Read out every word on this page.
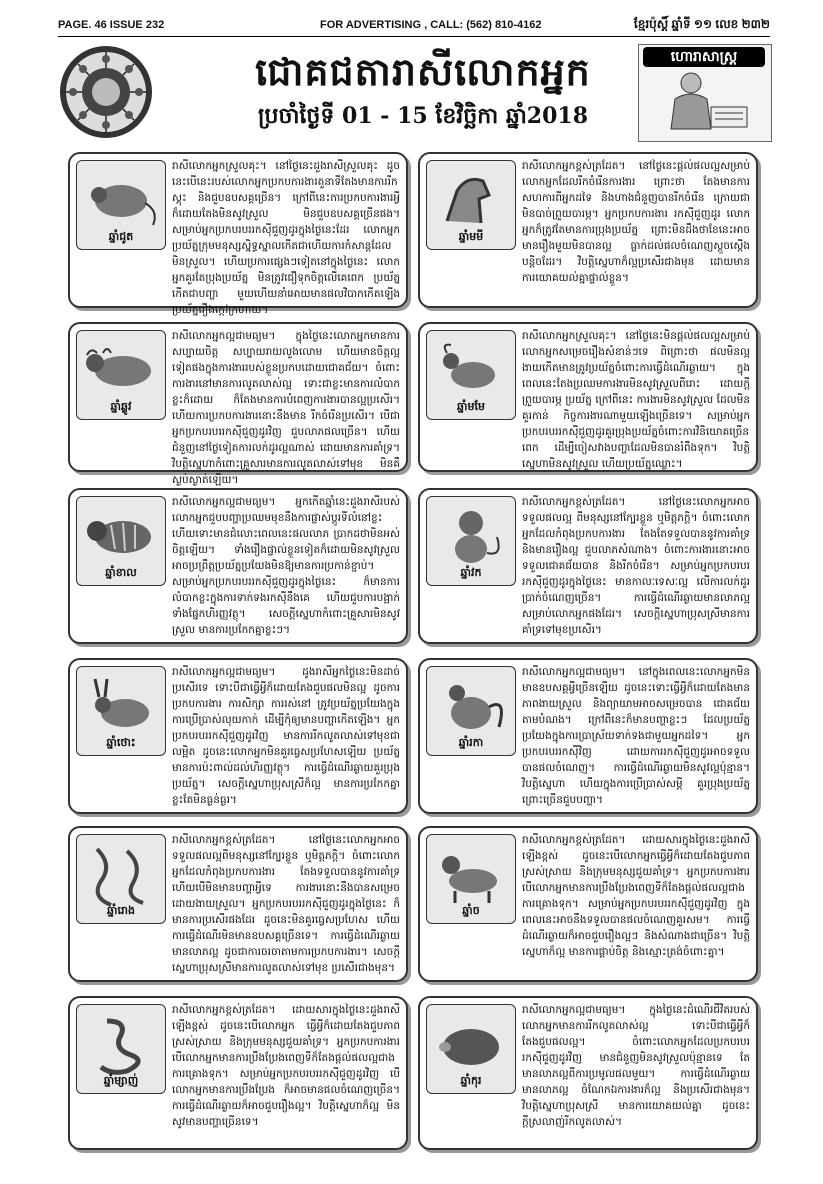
PAGE. 46 ISSUE 232	FOR ADVERTISING , CALL: (562) 810-4162	ខ្មែរប៉ុស្ដិ៍ ឆ្នាំទី ១១ លេខ ២៣២
ជោគជតារាសីលោកអ្នក
ប្រចាំថ្ងៃទី 01 - 15 ខែវិច្ឆិកា ឆ្នាំ2018
ហោរាសាស្ត្រ
ឆ្នាំជូត
រាសីលោកអ្នកស្រួលគុះ។ នៅថ្ងៃនេះដួងរាសីស្រួលគុះ ដូចនេះបើនេះរបស់លោកអ្នកប្រកបការងារតួនាទីតែងមានការរីកស្គុះ និងជួបឧបសគ្គច្រើន។ ក្រៅពីនេះការប្រកបការងារអ្វីក៏ដោយតែងមិនសូវស្រួល មិនជួបឧបសគ្គច្រើនផង។ សម្រាប់អ្នកប្រកបរបររកស៊ីជួញដូរក្នុងថ្ងៃនេះដែរ លោកអ្នកប្រយ័ត្នក្រុមមនុស្សស្និទ្ធស្នាលកើតជាហើយការកំសាន្តដែលមិនស្រួល។ ហើយប្រការផ្សេងៗទៀតនៅក្នុងថ្ងៃនេះ លោកអ្នកគួរតែប្រុងប្រយ័ត្ន មិនត្រូវជឿទុកចិត្តលើគេពេក ប្រយ័ត្នកើតជាបញ្ហា មួយហើយនាំអោយមានផលវិបាកកើតឡើង ប្រយ័ត្នរឿងក្ដៅក្រហាយ។
ឆ្នាំមមី
រាសីលោកអ្នកខ្ពស់ត្រដែត។ នៅថ្ងៃនេះផ្ដល់ផលល្អសម្រាប់លោកអ្នកដែលរីកចំរើនការងារ ព្រោះថា តែងមានការសហការពីអ្នកដទៃ និងហាងជំនួញបានរីកចំរើន ក្រោយជាមិនបាច់ព្រួយបារម្ភ។ អ្នកប្រកបការងារ រកស៊ីជួញដូរ លោកអ្នកក៏ត្រូវតែមានការប្រុងប្រយ័ត្ន ព្រោះមិនដឹងថាខែនេះអាចមានរឿងមួយមិនបានល្អ ធ្លាក់ដល់ផលចំណេញស្តួចស្តើងបន្តិចដែរ។ វិបត្តិស្នេហាក៏ល្អប្រសើរជាងមុន ដោយមានការយោគយល់គ្នាផ្ទាល់ខ្លួន។
ឆ្នាំឆ្លូវ
រាសីលោកអ្នកល្អជាមធ្យម។ ក្នុងថ្ងៃនេះលោកអ្នកមានការសប្បាយចិត្ត សប្បាយរាយលួងលោម ហើយមានចិត្តល្អទៀតផងក្នុងការងាររបស់ខ្លួនប្រកបដោយជោគជ័យ។ ចំពោះការងារនៅមានការលូតលាស់ល្អ ទោះជាខ្លះមានការលំបាកខ្លះក៏ដោយ ក៏តែងមានការបំពេញការងារបានល្អប្រសើរ។ ហើយការប្រកបការងារនោះនឹងមាន រីកចំរើនប្រសើរ។ បើជាអ្នកប្រកបរបររកស៊ីជួញដូរវិញ ជួបលាភផលច្រើន។ ហើយជំនួញនៅថ្ងៃទៀតការលក់ដូរល្អណាស់ ដោយមានការគាំទ្រ។ វិបត្តិស្នេហាកំពោះគ្រួសារមានការលូតលាស់ទៅមុខ មិនគឺស្ងប់ស្ងាត់ឡើយ។
ឆ្នាំមមែ
រាសីលោកអ្នកស្រួលគុះ។ នៅថ្ងៃនេះមិនផ្ដល់ផលល្អសម្រាប់លោកអ្នកសម្រេចរឿងសំខាន់ៗទេ ពិព្រោះថា ផលមិនល្អងាយកើតមានត្រូវប្រយ័ត្នចំពោះការធ្វើដំណើរឆ្ងាយ។ ក្នុងពេលនេះតែងប្រឈមការងារមិនសូវស្រួលពីរោះ ដោយក្ដីព្រួយបារម្ភ ប្រយ័ត្ន ក្រៅពីនេះ ការងារមិនសូវស្រួល ដែលមិនគួរកាន់ កិច្ចការងារណាមួយឡើងច្រើនទេ។ សម្រាប់អ្នកប្រកបរបររកស៊ីជួញដូរគួរប្រុងប្រយ័ត្នចំពោះការវិនិយោគច្រើនពេក ដើម្បីចៀសវាងបញ្ហាដែលមិនបានរំពឹងទុក។ វិបត្តិស្នេហាមិនសូវស្រួល ហើយប្រយ័ត្នឈ្លោះ។
ឆ្នាំខាល
រាសីលោកអ្នកល្អជាមធ្យម។ អ្នកកើតឆ្នាំនេះដួងរាសីរបស់លោកអ្នកជួបបញ្ហាប្រឈមមុខនឹងការផ្លាស់ប្ដូរទីលំនៅខ្លះ ហើយទោះមានជំលោះពេលនេះផលលាភ ប្រាកដថាមិនអស់ចិត្តឡើយ។ ទាំងរឿងផ្ទាល់ខ្លួនទៀតក៏ដោយមិនសូវស្រួល អាចប្រព្រឹត្តប្រយ័ត្នប្រយែងមិនឱ្យមានការប្រកាន់ខ្ជាប់។ សម្រាប់អ្នកប្រកបរបររកស៊ីជួញដូរក្នុងថ្ងៃនេះ ក៏មានការលំបាកខ្លះក្នុងការទាក់ទងរកស៊ីនឹងគេ ហើយជួបការបង្អាក់ទាំងផ្នែកហិរញ្ញវត្ថុ។ សេចក្ដីស្នេហាកំពោះគ្រួសារមិនសូវស្រួល មានការប្រកែកគ្នាខ្លះៗ។
ឆ្នាំវក
រាសីលោកអ្នកខ្ពស់ត្រដែត។ នៅថ្ងៃនេះលោកអ្នកអាចទទួលផលល្អ ពីមនុស្សនៅក្បែរខ្លួន ឬមិត្តភក្ដិ។ ចំពោះលោកអ្នកដែលកំពុងប្រកបការងារ តែងតែទទួលបាននូវការគាំទ្រ និងមានរឿងល្អ ជួបលាភសំណាង។ ចំពោះការងារនោះអាចទទួលជោគជ័យបាន និងរីកចំរើន។ សម្រាប់អ្នកប្រកបរបររកស៊ីជួញដូរក្នុងថ្ងៃនេះ មានកាលៈទេសៈល្អ លើការលក់ដូរ ប្រាក់ចំណេញច្រើន។ ការធ្វើដំណើរឆ្ងាយមានលាភល្អសម្រាប់លោកអ្នកផងដែរ។ សេចក្ដីស្នេហាប្រុសស្រីមានការគាំទ្រទៅមុខប្រសើរ។
ឆ្នាំថោះ
រាសីលោកអ្នកល្អជាមធ្យម។ ដូងរាសីអ្នកថ្ងៃនេះមិនដាច់ប្រសើរទេ ទោះបីជាធ្វើអ្វីក៏ដោយតែងជួបផលមិនល្អ ដូចការប្រកបការងារ ការសិក្សា ការរស់នៅ ត្រូវប្រយ័ត្នប្រយែងក្នុងការប្រើប្រាស់លុយកាក់ ដើម្បីកុំឲ្យមានបញ្ហាកើតឡើង។ អ្នកប្រកបរបររកស៊ីជួញដូរវិញ មានការរីកលូតលាស់ទៅមុខជាលម្អិត ដូចនេះលោកអ្នកមិនគួរធ្វេសប្រហែសឡើយ ប្រយ័ត្នមានការប៉ះពាល់ដល់ហិរញ្ញវត្ថុ។ ការធ្វើដំណើរឆ្ងាយគួរប្រុងប្រយ័ត្ន។ សេចក្ដីស្នេហាប្រុសស្រីក៏ល្អ មានការប្រកែកគ្នាខ្លះតែមិនធ្ងន់ធ្ងរ។
ឆ្នាំរកា
រាសីលោកអ្នកល្អជាមធ្យម។ នៅក្នុងពេលនេះលោកអ្នកមិនមានឧបសគ្គអ្វីច្រើនឡើយ ដូចនេះទោះធ្វើអ្វីក៏ដោយតែងមានភាពងាយស្រួល និងព្យាយាមអាចសម្រេចបាន ជោគជ័យតាមបំណង។ ក្រៅពីនេះក៏មានបញ្ហាខ្លះៗ ដែលប្រយ័ត្នប្រយែងក្នុងការប្រាស្រ័យទាក់ទងជាមួយអ្នកដទៃ។ អ្នកប្រកបរបររកស៊ីវិញ ដោយការរកស៊ីជួញដូរអាចទទួលបានផលចំណេញ។ ការធ្វើដំណើរឆ្ងាយមិនសូវល្អប៉ុន្មាន។ វិបត្តិស្នេហា ហើយក្នុងការប្រើប្រាស់សម្ដី គួរប្រុងប្រយ័ត្ន ព្រោះច្រើនជួបបញ្ហា។
ឆ្នាំរោង
រាសីលោកអ្នកខ្ពស់ត្រដែត។ នៅថ្ងៃនេះលោកអ្នកអាចទទួលផលល្អពីមនុស្សនៅក្បែរខ្លួន ឬមិត្តភក្ដិ។ ចំពោះលោកអ្នកដែលកំពុងប្រកបការងារ តែងទទួលបាននូវការគាំទ្រ ហើយបើមិនមានបញ្ហាអ្វីទេ ការងារនោះនឹងបានសម្រេចដោយងាយស្រួល។ អ្នកប្រកបរបររកស៊ីជួញដូរក្នុងថ្ងៃនេះ ក៏មានការប្រសើរផងដែរ ដូចនេះមិនគួរធ្វេសប្រហែស ហើយការធ្វើដំណើរមិនមានឧបសគ្គច្រើនទេ។ ការធ្វើដំណើរឆ្ងាយមានលាភល្អ ដូចជាការចរចាតាមការប្រកបការងារ។ សេចក្ដីស្នេហាប្រុសស្រីមានការលូតលាស់ទៅមុខ ប្រសើរជាងមុន។
ឆ្នាំច
រាសីលោកអ្នកខ្ពស់ត្រដែត។ ដោយសារក្នុងថ្ងៃនេះដួងរាសីឡើងខ្ពស់ ដូចនេះបើលោកអ្នកធ្វើអ្វីក៏ដោយតែងជួបភាពស្រស់ស្រាយ និងក្រុមមនុស្សជួយគាំទ្រ។ អ្នកប្រកបការងារ បើលោកអ្នកមានការប្រឹងប្រែងពេញទីក៏តែងផ្ដល់ផលល្អជាងការគ្រោងទុក។ សម្រាប់អ្នកប្រកបរបររកស៊ីជួញដូរវិញ ក្នុងពេលនេះអាចនឹងទទួលបានផលចំណេញគួរសម។ ការធ្វើដំណើរឆ្ងាយក៏អាចជួបរឿងល្អៗ និងសំណាងជាច្រើន។ វិបត្តិស្នេហាក៏ល្អ មានការផ្គាប់ចិត្ត និងស្មោះត្រង់ចំពោះគ្នា។
ឆ្នាំម្សាញ់
រាសីលោកអ្នកខ្ពស់ត្រដែត។ ដោយសារក្នុងថ្ងៃនេះដួងរាសីឡើងខ្ពស់ ដូចនេះបើលោកអ្នក ធ្វើអ្វីក៏ដោយតែងជួបភាពស្រស់ស្រាយ និងក្រុមមនុស្សជួយគាំទ្រ។ អ្នកប្រកបការងារ បើលោកអ្នកមានការប្រឹងប្រែងពេញទីក៏តែងផ្ដល់ផលល្អជាងការគ្រោងទុក។ សម្រាប់អ្នកប្រកបរបររកស៊ីជួញដូរវិញ បើលោកអ្នកមានការប្រឹងប្រែង ក៏អាចមានផលចំណេញច្រើន។ ការធ្វើដំណើរឆ្ងាយក៏អាចជួបរឿងល្អ។ វិបត្តិស្នេហាក៏ល្អ មិនសូវមានបញ្ហាច្រើនទេ។
ឆ្នាំកុរ
រាសីលោកអ្នកល្អជាមធ្យម។ ក្នុងថ្ងៃនេះដំណើរជីវិតរបស់លោកអ្នកមានការរីកលូតលាស់ល្អ ទោះបីជាធ្វើអ្វីក៏តែងជួបផលល្អ។ ចំពោះលោកអ្នកដែលប្រកបរបររកស៊ីជួញដូរវិញ មានជំនួញមិនសូវស្រួលប៉ុន្មានទេ តែមានលាភល្អពីការប្រមូលផលមួយ។ ការធ្វើដំណើរឆ្ងាយមានលាភល្អ ចំណែកឯការងារក៏ល្អ និងប្រសើរជាងមុន។ វិបត្តិស្នេហាប្រុសស្រី មានការយោគយល់គ្នា ដូចនេះក្ដីស្រលាញ់រីកលូតលាស់។
